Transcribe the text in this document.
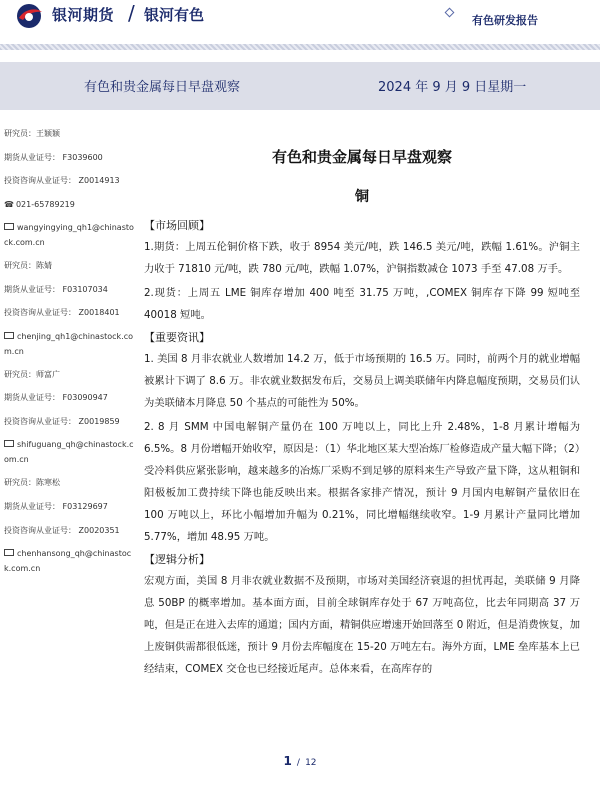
银河期货 / 银河有色	有色研发报告
有色和贵金属每日早盘观察	2024 年 9 月 9 日星期一
研究员：王颖颖
期货从业证号： F3039600
投资咨询从业证号： Z0014913
☎ 021-65789219
wangyingying_qh1@chinastock.com.cn
研究员：陈婧
期货从业证号： F03107034
投资咨询从业证号： Z0018401
chenjing_qh1@chinastock.com.cn
研究员：师富广
期货从业证号： F03090947
投资咨询从业证号： Z0019859
shifuguang_qh@chinastock.com.cn
研究员：陈寒松
期货从业证号： F03129697
投资咨询从业证号： Z0020351
chenhansong_qh@chinastock.com.cn
有色和贵金属每日早盘观察
铜
【市场回顾】

1.期货：上周五伦铜价格下跌，收于 8954 美元/吨，跌 146.5 美元/吨，跌幅 1.61%。沪铜主力收于 71810 元/吨，跌 780 元/吨，跌幅 1.07%，沪铜指数减仓 1073 手至 47.08 万手。

2.现货：上周五 LME 铜库存增加 400 吨至 31.75 万吨，,COMEX 铜库存下降 99 短吨至 40018 短吨。

【重要资讯】

1. 美国 8 月非农就业人数增加 14.2 万，低于市场预期的 16.5 万。同时，前两个月的就业增幅被累计下调了 8.6 万。非农就业数据发布后，交易员上调美联储年内降息幅度预期，交易员们认为美联储本月降息 50 个基点的可能性为 50%。

2. 8 月 SMM 中国电解铜产量仍在 100 万吨以上，同比上升 2.48%，1-8 月累计增幅为 6.5%。8 月份增幅开始收窄，原因是：（1）华北地区某大型冶炼厂检修造成产量大幅下降；（2）受冷料供应紧张影响，越来越多的冶炼厂采购不到足够的原料来生产导致产量下降，这从粗铜和阳极板加工费持续下降也能反映出来。根据各家排产情况，预计 9 月国内电解铜产量依旧在 100 万吨以上，环比小幅增加升幅为 0.21%，同比增幅继续收窄。1-9 月累计产量同比增加 5.77%，增加 48.95 万吨。

【逻辑分析】

宏观方面，美国 8 月非农就业数据不及预期，市场对美国经济衰退的担忧再起，美联储 9 月降息 50BP 的概率增加。基本面方面，目前全球铜库存处于 67 万吨高位，比去年同期高 37 万吨，但是正在进入去库的通道；国内方面，精铜供应增速开始回落至 0 附近，但是消费恢复，加上废铜供需都很低迷，预计 9 月份去库幅度在 15-20 万吨左右。海外方面，LME 垒库基本上已经结束，COMEX 交仓也已经接近尾声。总体来看，在高库存的

1 / 12
